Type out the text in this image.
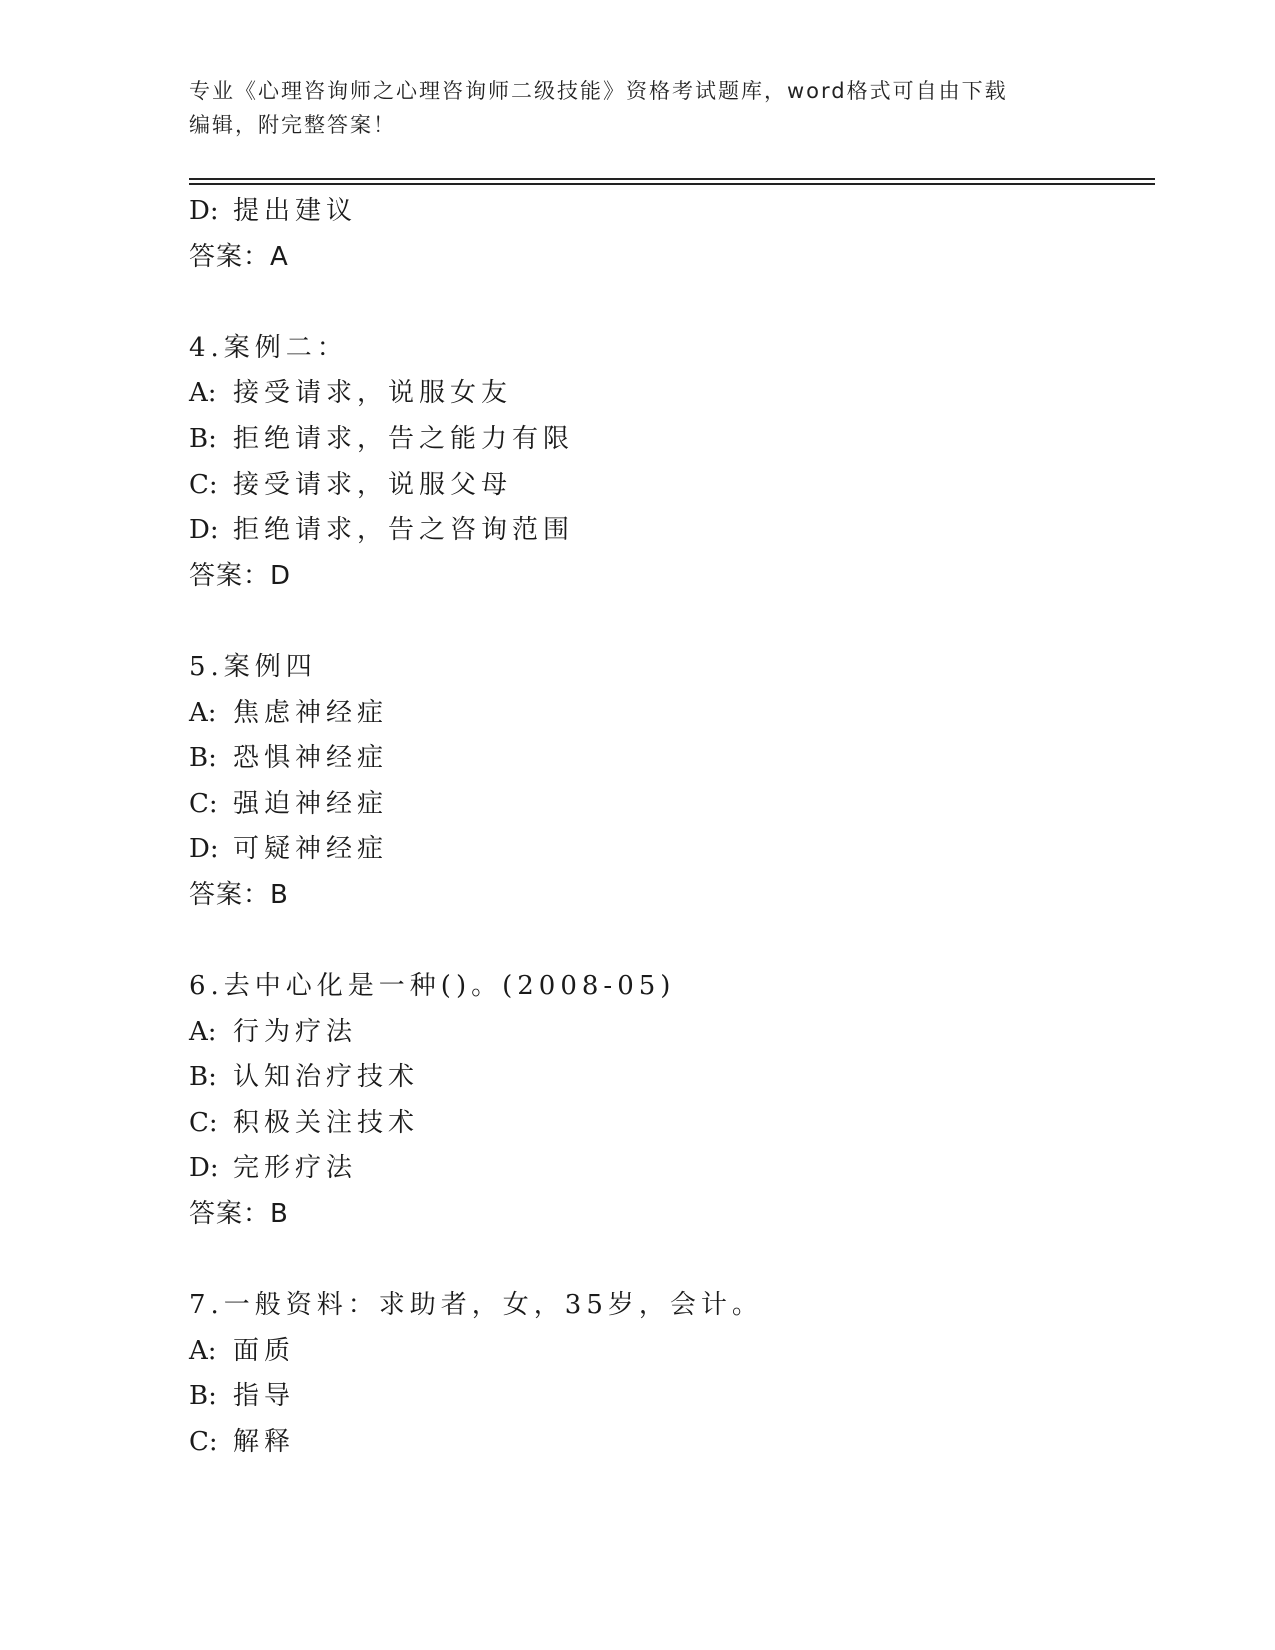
专业《心理咨询师之心理咨询师二级技能》资格考试题库，word格式可自由下载
编辑，附完整答案！
D: 提出建议
答案：A
4.案例二：
A: 接受请求，说服女友
B: 拒绝请求，告之能力有限
C: 接受请求，说服父母
D: 拒绝请求，告之咨询范围
答案：D
5.案例四
A: 焦虑神经症
B: 恐惧神经症
C: 强迫神经症
D: 可疑神经症
答案：B
6.去中心化是一种()。(2008-05)
A: 行为疗法
B: 认知治疗技术
C: 积极关注技术
D: 完形疗法
答案：B
7.一般资料：求助者，女，35岁，会计。
A: 面质
B: 指导
C: 解释
